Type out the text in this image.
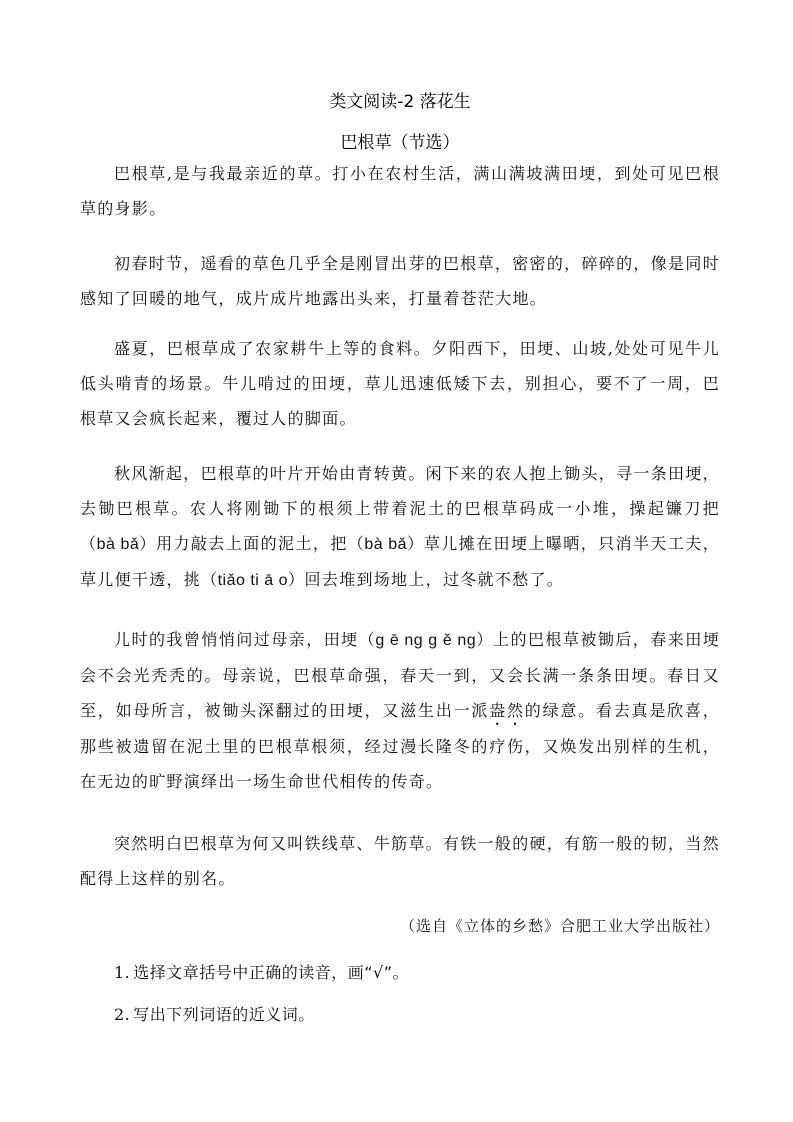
类文阅读-2 落花生
巴根草（节选）

巴根草,是与我最亲近的草。打小在农村生活，满山满坡满田埂，到处可见巴根草的身影。

初春时节，遥看的草色几乎全是刚冒出芽的巴根草，密密的，碎碎的，像是同时感知了回暖的地气，成片成片地露出头来，打量着苍茫大地。

盛夏，巴根草成了农家耕牛上等的食料。夕阳西下，田埂、山坡,处处可见牛儿低头啃青的场景。牛儿啃过的田埂，草儿迅速低矮下去，别担心，要不了一周，巴根草又会疯长起来，覆过人的脚面。

秋风渐起，巴根草的叶片开始由青转黄。闲下来的农人抱上锄头，寻一条田埂，去锄巴根草。农人将刚锄下的根须上带着泥土的巴根草码成一小堆，操起镰刀把（bà bǎ）用力敲去上面的泥土，把（bà bǎ）草儿摊在田埂上曝晒，只消半天工夫，草儿便干透，挑（tiǎo ti ā o）回去堆到场地上，过冬就不愁了。

儿时的我曾悄悄问过母亲，田埂（g ē ng g ě ng）上的巴根草被锄后，春来田埂会不会光秃秃的。母亲说，巴根草命强，春天一到，又会长满一条条田埂。春日又至，如母所言，被锄头深翻过的田埂，又滋生出一派盎然的绿意。看去真是欣喜，那些被遗留在泥土里的巴根草根须，经过漫长隆冬的疗伤，又焕发出别样的生机，在无边的旷野演绎出一场生命世代相传的传奇。

突然明白巴根草为何又叫铁线草、牛筋草。有铁一般的硬，有筋一般的韧，当然配得上这样的别名。

（选自《立体的乡愁》合肥工业大学出版社）
1. 选择文章括号中正确的读音，画“√”。
2. 写出下列词语的近义词。
